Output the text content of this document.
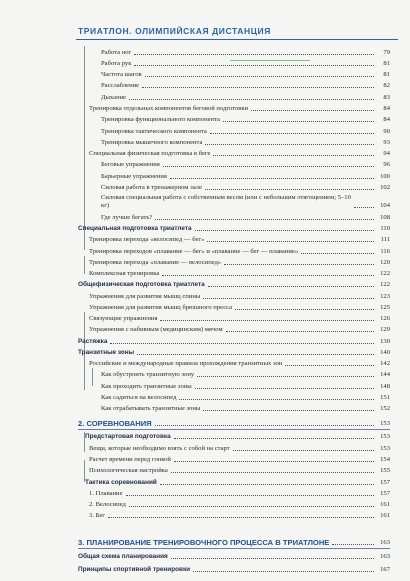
ТРИАТЛОН. ОЛИМПИЙСКАЯ ДИСТАНЦИЯ
Работа ног	79
Работа рук	81
Частота шагов	81
Расслабление	82
Дыхание	83
Тренировка отдельных компонентов беговой подготовки	84
Тренировка функционального компонента	84
Тренировка тактического компонента	90
Тренировка мышечного компонента	93
Специальная физическая подготовка в беге	94
Беговые упражнения	96
Барьерные упражнения	100
Силовая работа в тренажерном зале	102
Силовая специальная работа с собственным весом (или с небольшим отягощением; 5–10 кг)	104
Где лучше бегать?	108
Специальная подготовка триатлета	110
Тренировка перехода «велосипед — бег»	111
Тренировка переходов «плавание — бег» и «плавание — бег — плавание»	116
Тренировка перехода «плавание — велосипед»	120
Комплексная тренировка	122
Общефизическая подготовка триатлета	122
Упражнения для развития мышц спины	123
Упражнения для развития мышц брюшного пресса	125
Связующие упражнения	126
Упражнения с набивным (медицинским) мячом	129
Растяжка	130
Транзитные зоны	140
Российские и международные правила прохождения транзитных зон	142
Как обустроить транзитную зону	144
Как проходить транзитные зоны	148
Как садиться на велосипед	151
Как отрабатывать транзитные зоны	152
2. СОРЕВНОВАНИЯ	153
Предстартовая подготовка	153
Вещи, которые необходимо взять с собой на старт	153
Расчет времени перед гонкой	154
Психологическая настройка	155
Тактика соревнований	157
1. Плавание	157
2. Велосипед	161
3. Бег	161
3. ПЛАНИРОВАНИЕ ТРЕНИРОВОЧНОГО ПРОЦЕССА В ТРИАТЛОНЕ	163
Общая схема планирования	163
Принципы спортивной тренировки	167
